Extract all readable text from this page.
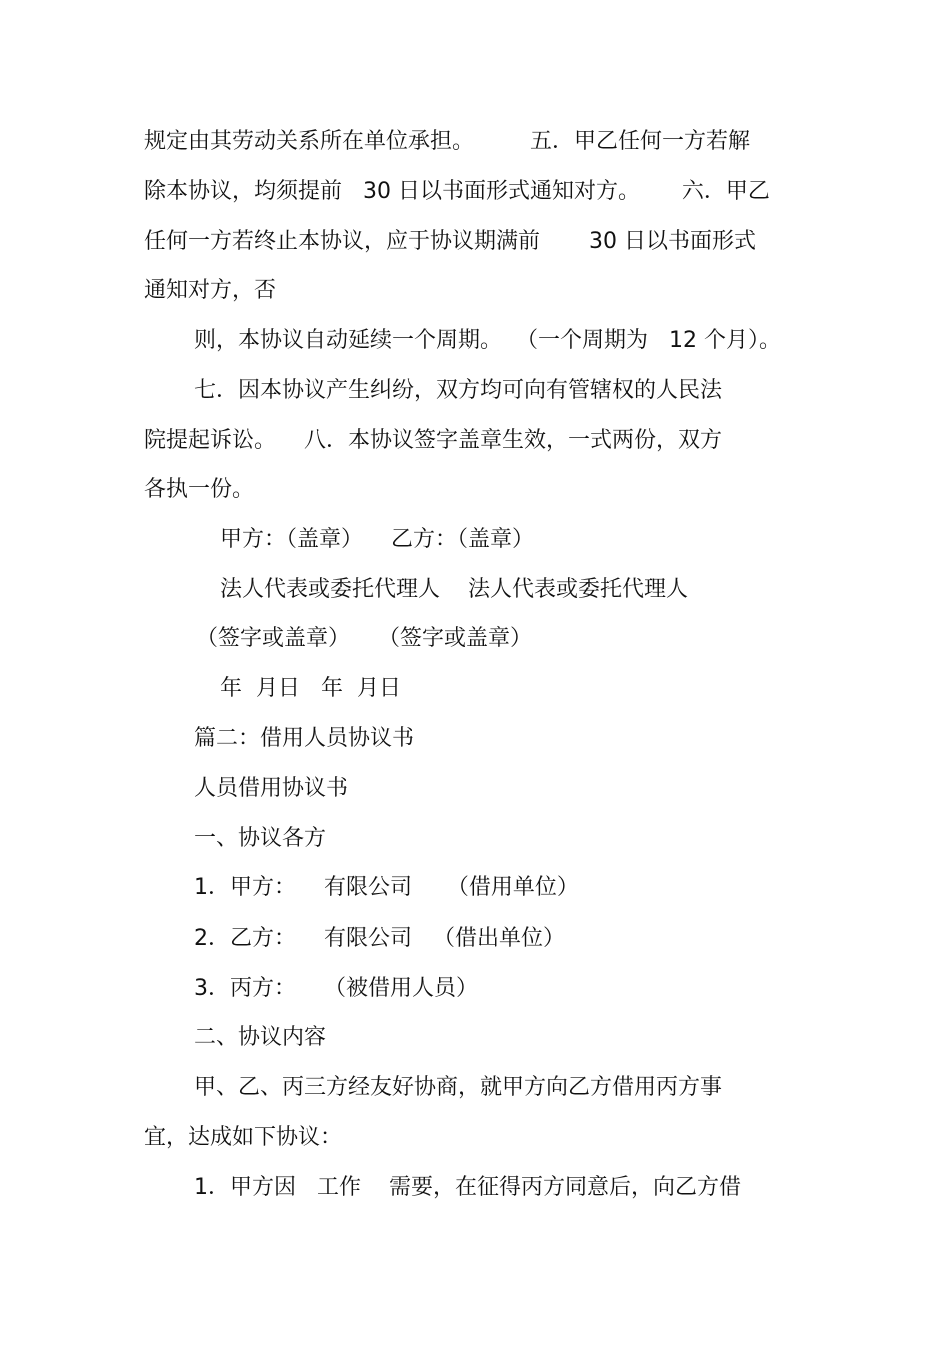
规定由其劳动关系所在单位承担。        五．甲乙任何一方若解
除本协议，均须提前   30 日以书面形式通知对方。      六．甲乙
任何一方若终止本协议，应于协议期满前       30 日以书面形式
通知对方，否
则，本协议自动延续一个周期。  （一个周期为   12 个月）。
七．因本协议产生纠纷，双方均可向有管辖权的人民法
院提起诉讼。    八．本协议签字盖章生效，一式两份，双方
各执一份。
甲方：（盖章）    乙方：（盖章）
法人代表或委托代理人    法人代表或委托代理人
（签字或盖章）    （签字或盖章）
年  月日   年  月日
篇二：借用人员协议书
人员借用协议书
一、协议各方
1．甲方：    有限公司     （借用单位）
2．乙方：    有限公司   （借出单位）
3．丙方：    （被借用人员）
二、协议内容
甲、乙、丙三方经友好协商，就甲方向乙方借用丙方事
宜，达成如下协议：
1．甲方因   工作    需要，在征得丙方同意后，向乙方借
